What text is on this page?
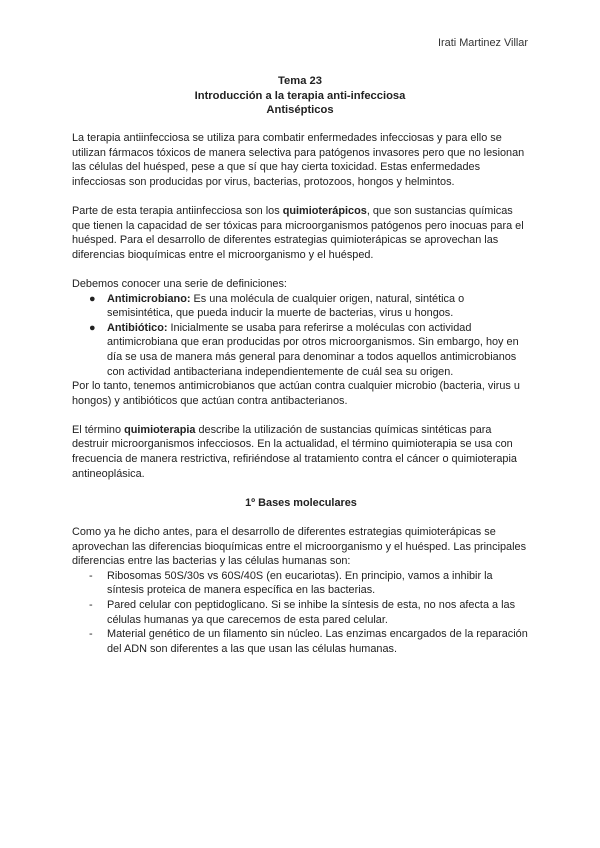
Irati Martinez Villar
Tema 23
Introducción a la terapia anti-infecciosa
Antisépticos

La terapia antiinfecciosa se utiliza para combatir enfermedades infecciosas y para ello se utilizan fármacos tóxicos de manera selectiva para patógenos invasores pero que no lesionan las células del huésped, pese a que sí que hay cierta toxicidad. Estas enfermedades infecciosas son producidas por virus, bacterias, protozoos, hongos y helmintos.

Parte de esta terapia antiinfecciosa son los quimioterápicos, que son sustancias químicas que tienen la capacidad de ser tóxicas para microorganismos patógenos pero inocuas para el huésped. Para el desarrollo de diferentes estrategias quimioterápicas se aprovechan las diferencias bioquímicas entre el microorganismo y el huésped.

Debemos conocer una serie de definiciones:

● Antimicrobiano: Es una molécula de cualquier origen, natural, sintética o semisintética, que pueda inducir la muerte de bacterias, virus u hongos.
● Antibiótico: Inicialmente se usaba para referirse a moléculas con actividad antimicrobiana que eran producidas por otros microorganismos. Sin embargo, hoy en día se usa de manera más general para denominar a todos aquellos antimicrobianos con actividad antibacteriana independientemente de cuál sea su origen.

Por lo tanto, tenemos antimicrobianos que actúan contra cualquier microbio (bacteria, virus u hongos) y antibióticos que actúan contra antibacterianos.

El término quimioterapia describe la utilización de sustancias químicas sintéticas para destruir microorganismos infecciosos. En la actualidad, el término quimioterapia se usa con frecuencia de manera restrictiva, refiriéndose al tratamiento contra el cáncer o quimioterapia antineoplásica.

1º Bases moleculares

Como ya he dicho antes, para el desarrollo de diferentes estrategias quimioterápicas se aprovechan las diferencias bioquímicas entre el microorganismo y el huésped. Las principales diferencias entre las bacterias y las células humanas son:

- Ribosomas 50S/30s vs 60S/40S (en eucariotas). En principio, vamos a inhibir la síntesis proteica de manera específica en las bacterias.
- Pared celular con peptidoglicano. Si se inhibe la síntesis de esta, no nos afecta a las células humanas ya que carecemos de esta pared celular.
- Material genético de un filamento sin núcleo. Las enzimas encargados de la reparación del ADN son diferentes a las que usan las células humanas.
